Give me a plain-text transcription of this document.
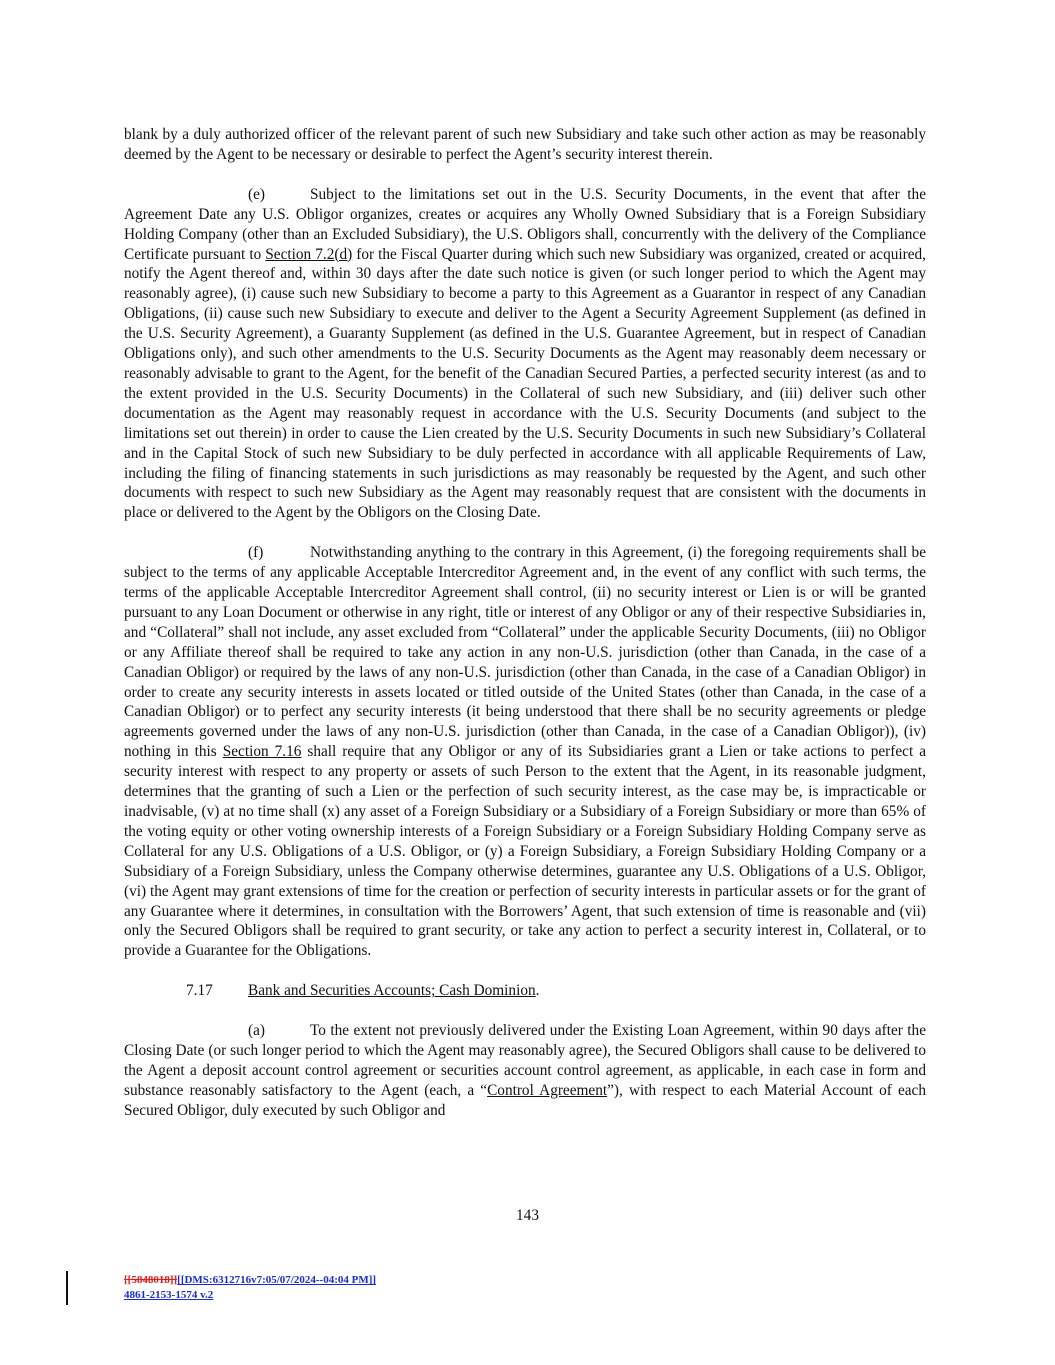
blank by a duly authorized officer of the relevant parent of such new Subsidiary and take such other action as may be reasonably deemed by the Agent to be necessary or desirable to perfect the Agent’s security interest therein.

(e)	Subject to the limitations set out in the U.S. Security Documents, in the event that after the Agreement Date any U.S. Obligor organizes, creates or acquires any Wholly Owned Subsidiary that is a Foreign Subsidiary Holding Company (other than an Excluded Subsidiary), the U.S. Obligors shall, concurrently with the delivery of the Compliance Certificate pursuant to Section 7.2(d) for the Fiscal Quarter during which such new Subsidiary was organized, created or acquired, notify the Agent thereof and, within 30 days after the date such notice is given (or such longer period to which the Agent may reasonably agree), (i) cause such new Subsidiary to become a party to this Agreement as a Guarantor in respect of any Canadian Obligations, (ii) cause such new Subsidiary to execute and deliver to the Agent a Security Agreement Supplement (as defined in the U.S. Security Agreement), a Guaranty Supplement (as defined in the U.S. Guarantee Agreement, but in respect of Canadian Obligations only), and such other amendments to the U.S. Security Documents as the Agent may reasonably deem necessary or reasonably advisable to grant to the Agent, for the benefit of the Canadian Secured Parties, a perfected security interest (as and to the extent provided in the U.S. Security Documents) in the Collateral of such new Subsidiary, and (iii) deliver such other documentation as the Agent may reasonably request in accordance with the U.S. Security Documents (and subject to the limitations set out therein) in order to cause the Lien created by the U.S. Security Documents in such new Subsidiary’s Collateral and in the Capital Stock of such new Subsidiary to be duly perfected in accordance with all applicable Requirements of Law, including the filing of financing statements in such jurisdictions as may reasonably be requested by the Agent, and such other documents with respect to such new Subsidiary as the Agent may reasonably request that are consistent with the documents in place or delivered to the Agent by the Obligors on the Closing Date.

(f)	Notwithstanding anything to the contrary in this Agreement, (i) the foregoing requirements shall be subject to the terms of any applicable Acceptable Intercreditor Agreement and, in the event of any conflict with such terms, the terms of the applicable Acceptable Intercreditor Agreement shall control, (ii) no security interest or Lien is or will be granted pursuant to any Loan Document or otherwise in any right, title or interest of any Obligor or any of their respective Subsidiaries in, and “Collateral” shall not include, any asset excluded from “Collateral” under the applicable Security Documents, (iii) no Obligor or any Affiliate thereof shall be required to take any action in any non-U.S. jurisdiction (other than Canada, in the case of a Canadian Obligor) or required by the laws of any non-U.S. jurisdiction (other than Canada, in the case of a Canadian Obligor) in order to create any security interests in assets located or titled outside of the United States (other than Canada, in the case of a Canadian Obligor) or to perfect any security interests (it being understood that there shall be no security agreements or pledge agreements governed under the laws of any non-U.S. jurisdiction (other than Canada, in the case of a Canadian Obligor)), (iv) nothing in this Section 7.16 shall require that any Obligor or any of its Subsidiaries grant a Lien or take actions to perfect a security interest with respect to any property or assets of such Person to the extent that the Agent, in its reasonable judgment, determines that the granting of such a Lien or the perfection of such security interest, as the case may be, is impracticable or inadvisable, (v) at no time shall (x) any asset of a Foreign Subsidiary or a Subsidiary of a Foreign Subsidiary or more than 65% of the voting equity or other voting ownership interests of a Foreign Subsidiary or a Foreign Subsidiary Holding Company serve as Collateral for any U.S. Obligations of a U.S. Obligor, or (y) a Foreign Subsidiary, a Foreign Subsidiary Holding Company or a Subsidiary of a Foreign Subsidiary, unless the Company otherwise determines, guarantee any U.S. Obligations of a U.S. Obligor, (vi) the Agent may grant extensions of time for the creation or perfection of security interests in particular assets or for the grant of any Guarantee where it determines, in consultation with the Borrowers’ Agent, that such extension of time is reasonable and (vii) only the Secured Obligors shall be required to grant security, or take any action to perfect a security interest in, Collateral, or to provide a Guarantee for the Obligations.

7.17 Bank and Securities Accounts; Cash Dominion.

(a)	To the extent not previously delivered under the Existing Loan Agreement, within 90 days after the Closing Date (or such longer period to which the Agent may reasonably agree), the Secured Obligors shall cause to be delivered to the Agent a deposit account control agreement or securities account control agreement, as applicable, in each case in form and substance reasonably satisfactory to the Agent (each, a “Control Agreement”), with respect to each Material Account of each Secured Obligor, duly executed by such Obligor and

143
[[5848018]][[DMS:6312716v7:05/07/2024--04:04 PM]]
4861-2153-1574 v.2
